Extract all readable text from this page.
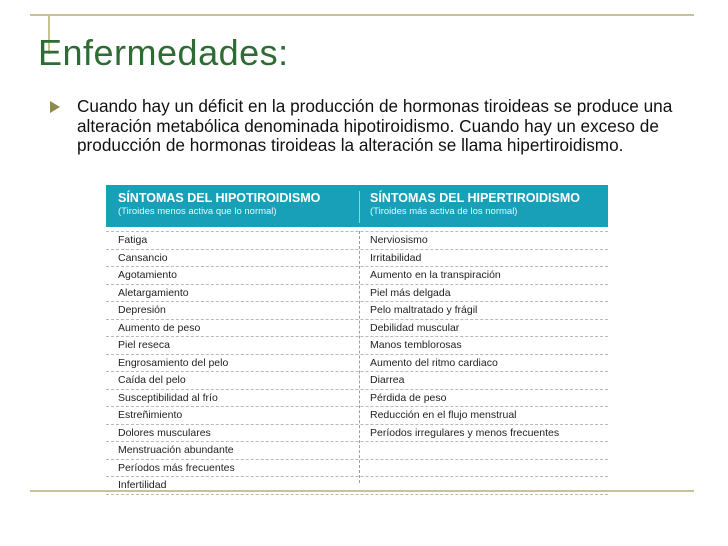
Enfermedades:
Cuando hay un déficit en la producción de hormonas tiroideas se produce una alteración metabólica denominada hipotiroidismo. Cuando hay un exceso de producción de hormonas tiroideas la alteración se llama hipertiroidismo.
SÍNTOMAS DEL HIPOTIROIDISMO
(Tiroides menos activa que lo normal)
SÍNTOMAS DEL HIPERTIROIDISMO
(Tiroides más activa de los normal)
Fatiga	Nerviosismo
Cansancio	Irritabilidad
Agotamiento	Aumento en la transpiración
Aletargamiento	Piel más delgada
Depresión	Pelo maltratado y frágil
Aumento de peso	Debilidad muscular
Piel reseca	Manos temblorosas
Engrosamiento del pelo	Aumento del ritmo cardiaco
Caída del pelo	Diarrea
Susceptibilidad al frío	Pérdida de peso
Estreñimiento	Reducción en el flujo menstrual
Dolores musculares	Períodos irregulares y menos frecuentes
Menstruación abundante
Períodos más frecuentes
Infertilidad
